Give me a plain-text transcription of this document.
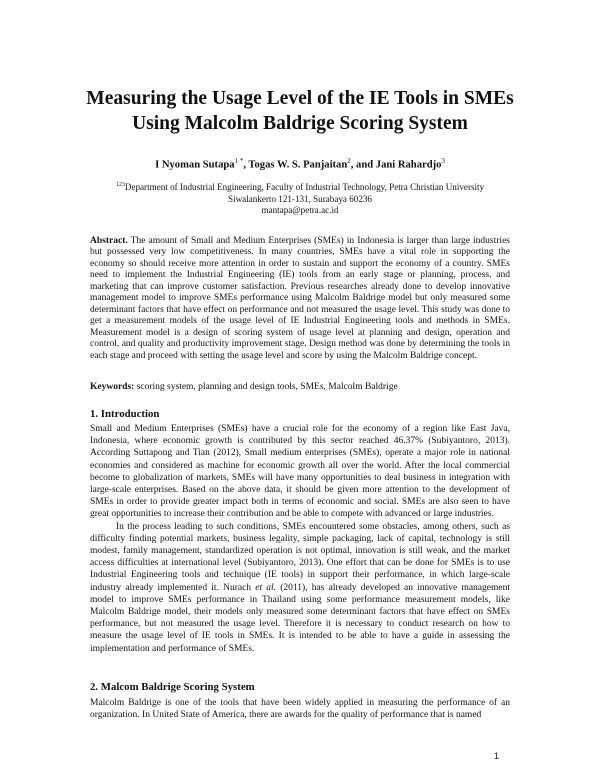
Measuring the Usage Level of the IE Tools in SMEs
Using Malcolm Baldrige Scoring System
I Nyoman Sutapa$^{1 *}$, Togas W. S. Panjaitan$^2$, and Jani Rahardjo$^3$
$^{123}$Department of Industrial Engineering, Faculty of Industrial Technology, Petra Christian University
Siwalankerto 121-131, Surabaya 60236
mantapa@petra.ac.id
Abstract. The amount of Small and Medium Enterprises (SMEs) in Indonesia is larger than large industries but possessed very low competitiveness. In many countries, SMEs have a vital role in supporting the economy so should receive more attention in order to sustain and support the economy of a country. SMEs need to implement the Industrial Engineering (IE) tools from an early stage or planning, process, and marketing that can improve customer satisfaction. Previous researches already done to develop innovative management model to improve SMEs performance using Malcolm Baldrige model but only measured some determinant factors that have effect on performance and not measured the usage level. This study was done to get a measurement models of the usage level of IE Industrial Engineering tools and methods in SMEs. Measurement model is a design of scoring system of usage level at planning and design, operation and control, and quality and productivity improvement stage. Design method was done by determining the tools in each stage and proceed with setting the usage level and score by using the Malcolm Baldrige concept.
Keywords: scoring system, planning and design tools, SMEs, Malcolm Baldrige
1. Introduction

Small and Medium Enterprises (SMEs) have a crucial role for the economy of a region like East Java, Indonesia, where economic growth is contributed by this sector reached 46.37% (Subiyantoro, 2013). According Suttapong and Tian (2012), Small medium enterprises (SMEs), operate a major role in national economies and considered as machine for economic growth all over the world. After the local commercial become to globalization of markets, SMEs will have many opportunities to deal business in integration with large-scale enterprises. Based on the above data, it should be given more attention to the development of SMEs in order to provide greater impact both in terms of economic and social. SMEs are also seen to have great opportunities to increase their contribution and be able to compete with advanced or large industries.

In the process leading to such conditions, SMEs encountered some obstacles, among others, such as difficulty finding potential markets, business legality, simple packaging, lack of capital, technology is still modest, family management, standardized operation is not optimal, innovation is still weak, and the market access difficulties at international level (Subiyantoro, 2013). One effort that can be done for SMEs is to use Industrial Engineering tools and technique (IE tools) in support their performance, in which large-scale industry already implemented it. Nurach et al. (2011), has already developed an innovative management model to improve SMEs performance in Thailand using some performance measurement models, like Malcolm Baldrige model, their models only measured some determinant factors that have effect on SMEs performance, but not measured the usage level. Therefore it is necessary to conduct research on how to measure the usage level of IE tools in SMEs. It is intended to be able to have a guide in assessing the implementation and performance of SMEs.

2. Malcom Baldrige Scoring System

Malcolm Baldrige is one of the tools that have been widely applied in measuring the performance of an organization. In United State of America, there are awards for the quality of performance that is named

1
